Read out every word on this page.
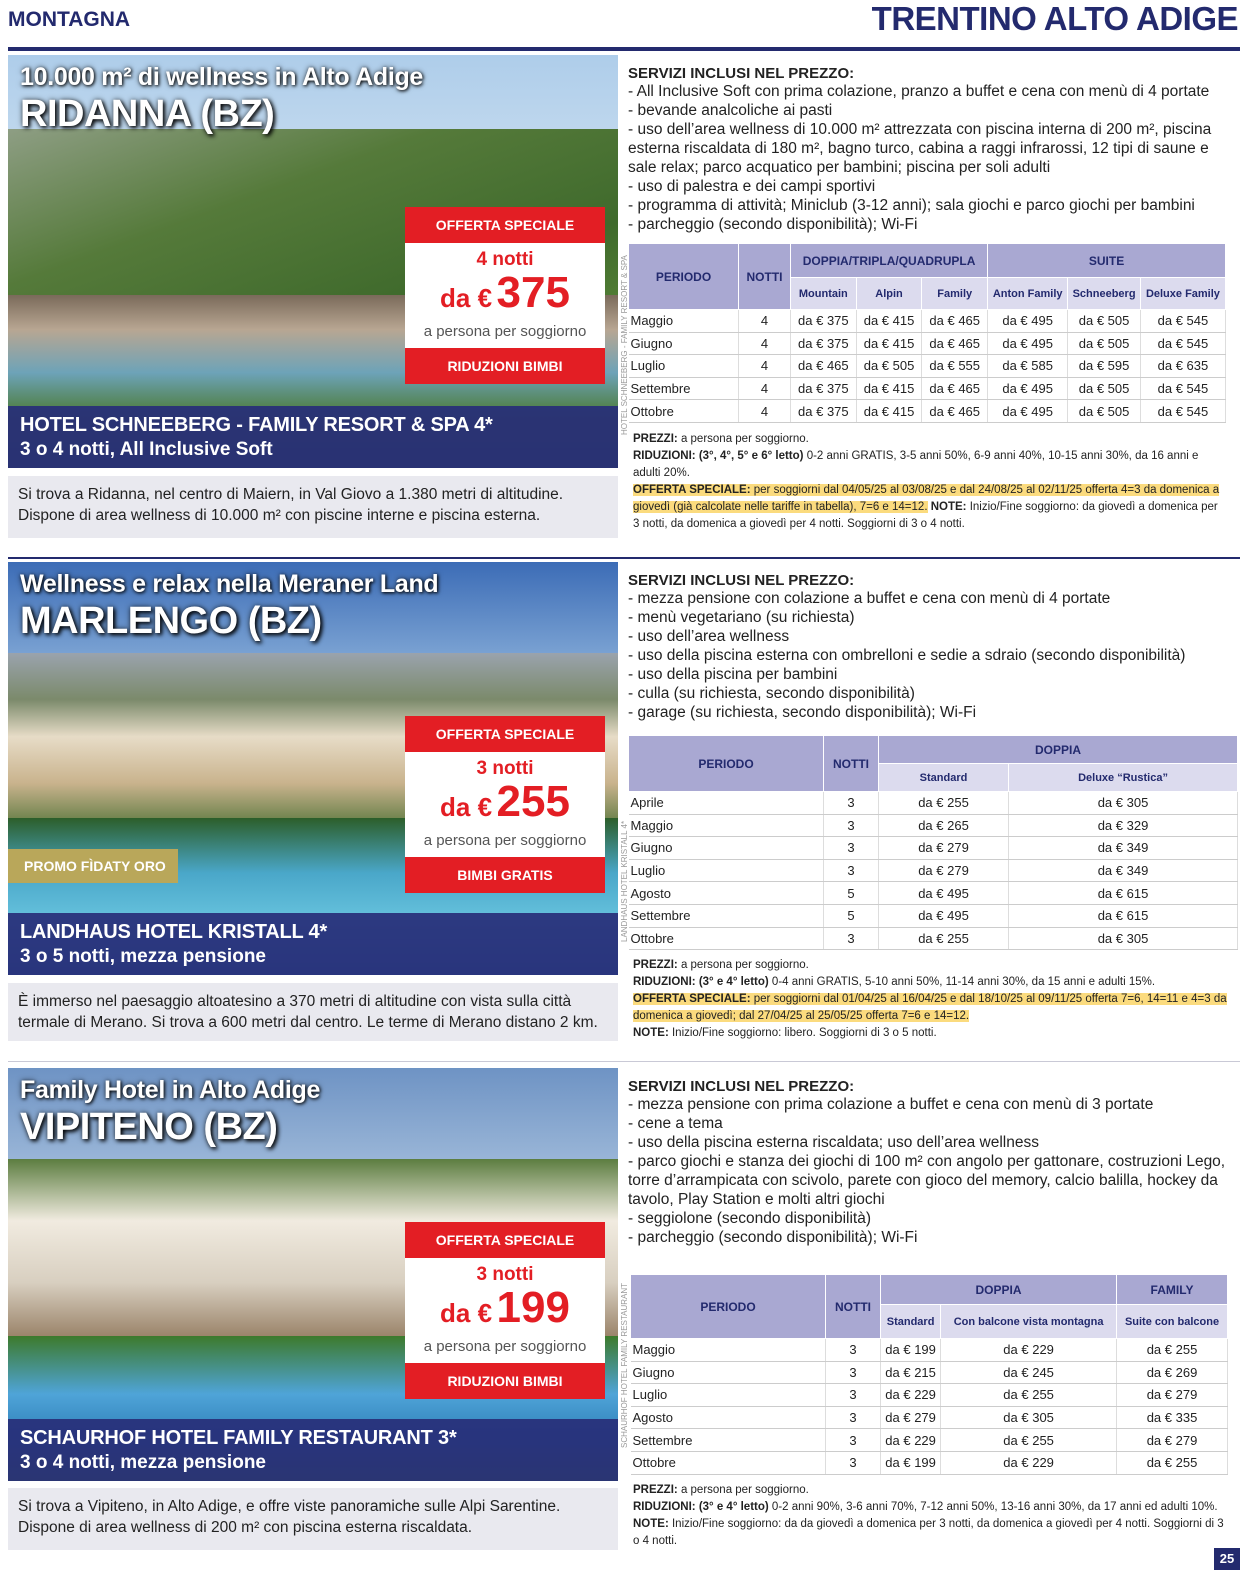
MONTAGNA	TRENTINO ALTO ADIGE
10.000 m² di wellness in Alto Adige
RIDANNA (BZ)
OFFERTA SPECIALE
4 notti
da € 375
a persona per soggiorno
RIDUZIONI BIMBI	HOTEL SCHNEEBERG - FAMILY RESORT & SPA
HOTEL SCHNEEBERG - FAMILY RESORT & SPA 4*
3 o 4 notti, All Inclusive Soft
Si trova a Ridanna, nel centro di Maiern, in Val Giovo a 1.380 metri di altitudine. Dispone di area wellness di 10.000 m² con piscine interne e piscina esterna.
SERVIZI INCLUSI NEL PREZZO:
- All Inclusive Soft con prima colazione, pranzo a buffet e cena con menù di 4 portate
- bevande analcoliche ai pasti
- uso dell’area wellness di 10.000 m² attrezzata con piscina interna di 200 m², piscina esterna riscaldata di 180 m², bagno turco, cabina a raggi infrarossi, 12 tipi di saune e sale relax; parco acquatico per bambini; piscina per soli adulti
- uso di palestra e dei campi sportivi
- programma di attività; Miniclub (3-12 anni); sala giochi e parco giochi per bambini
- parcheggio (secondo disponibilità); Wi-Fi
PERIODO	NOTTI	DOPPIA/TRIPLA/QUADRUPLA			SUITE		
		Mountain	Alpin	Family	Anton Family	Schneeberg	Deluxe Family
Maggio	4	da € 375	da € 415	da € 465	da € 495	da € 505	da € 545
Giugno	4	da € 375	da € 415	da € 465	da € 495	da € 505	da € 545
Luglio	4	da € 465	da € 505	da € 555	da € 585	da € 595	da € 635
Settembre	4	da € 375	da € 415	da € 465	da € 495	da € 505	da € 545
Ottobre	4	da € 375	da € 415	da € 465	da € 495	da € 505	da € 545
PREZZI: a persona per soggiorno.
RIDUZIONI: (3°, 4°, 5° e 6° letto) 0-2 anni GRATIS, 3-5 anni 50%, 6-9 anni 40%, 10-15 anni 30%, da 16 anni e adulti 20%.
OFFERTA SPECIALE: per soggiorni dal 04/05/25 al 03/08/25 e dal 24/08/25 al 02/11/25 offerta 4=3 da domenica a giovedì (già calcolate nelle tariffe in tabella), 7=6 e 14=12. NOTE: Inizio/Fine soggiorno: da giovedì a domenica per 3 notti, da domenica a giovedì per 4 notti. Soggiorni di 3 o 4 notti.
Wellness e relax nella Meraner Land
MARLENGO (BZ)
OFFERTA SPECIALE
3 notti
da € 255
a persona per soggiorno
BIMBI GRATIS
PROMO FÌDATY ORO	LANDHAUS HOTEL KRISTALL 4*
LANDHAUS HOTEL KRISTALL 4*
3 o 5 notti, mezza pensione
È immerso nel paesaggio altoatesino a 370 metri di altitudine con vista sulla città termale di Merano. Si trova a 600 metri dal centro. Le terme di Merano distano 2 km.
SERVIZI INCLUSI NEL PREZZO:
- mezza pensione con colazione a buffet e cena con menù di 4 portate
- menù vegetariano (su richiesta)
- uso dell’area wellness
- uso della piscina esterna con ombrelloni e sedie a sdraio (secondo disponibilità)
- uso della piscina per bambini
- culla (su richiesta, secondo disponibilità)
- garage (su richiesta, secondo disponibilità); Wi-Fi
PERIODO	NOTTI	DOPPIA	
		Standard	Deluxe “Rustica”
Aprile	3	da € 255	da € 305
Maggio	3	da € 265	da € 329
Giugno	3	da € 279	da € 349
Luglio	3	da € 279	da € 349
Agosto	5	da € 495	da € 615
Settembre	5	da € 495	da € 615
Ottobre	3	da € 255	da € 305
PREZZI: a persona per soggiorno.
RIDUZIONI: (3° e 4° letto) 0-4 anni GRATIS, 5-10 anni 50%, 11-14 anni 30%, da 15 anni e adulti 15%.
OFFERTA SPECIALE: per soggiorni dal 01/04/25 al 16/04/25 e dal 18/10/25 al 09/11/25 offerta 7=6, 14=11 e 4=3 da domenica a giovedì; dal 27/04/25 al 25/05/25 offerta 7=6 e 14=12.
NOTE: Inizio/Fine soggiorno: libero. Soggiorni di 3 o 5 notti.
Family Hotel in Alto Adige
VIPITENO (BZ)
OFFERTA SPECIALE
3 notti
da € 199
a persona per soggiorno
RIDUZIONI BIMBI	SCHAURHOF HOTEL FAMILY RESTAURANT
SCHAURHOF HOTEL FAMILY RESTAURANT 3*
3 o 4 notti, mezza pensione
Si trova a Vipiteno, in Alto Adige, e offre viste panoramiche sulle Alpi Sarentine. Dispone di area wellness di 200 m² con piscina esterna riscaldata.
SERVIZI INCLUSI NEL PREZZO:
- mezza pensione con prima colazione a buffet e cena con menù di 3 portate
- cene a tema
- uso della piscina esterna riscaldata; uso dell’area wellness
- parco giochi e stanza dei giochi di 100 m² con angolo per gattonare, costruzioni Lego, torre d’arrampicata con scivolo, parete con gioco del memory, calcio balilla, hockey da tavolo, Play Station e molti altri giochi
- seggiolone (secondo disponibilità)
- parcheggio (secondo disponibilità); Wi-Fi
PERIODO	NOTTI	DOPPIA		FAMILY
		Standard	Con balcone vista montagna	Suite con balcone
Maggio	3	da € 199	da € 229	da € 255
Giugno	3	da € 215	da € 245	da € 269
Luglio	3	da € 229	da € 255	da € 279
Agosto	3	da € 279	da € 305	da € 335
Settembre	3	da € 229	da € 255	da € 279
Ottobre	3	da € 199	da € 229	da € 255
PREZZI: a persona per soggiorno.
RIDUZIONI: (3° e 4° letto) 0-2 anni 90%, 3-6 anni 70%, 7-12 anni 50%, 13-16 anni 30%, da 17 anni ed adulti 10%. NOTE: Inizio/Fine soggiorno: da da giovedì a domenica per 3 notti, da domenica a giovedì per 4 notti. Soggiorni di 3 o 4 notti.
25
